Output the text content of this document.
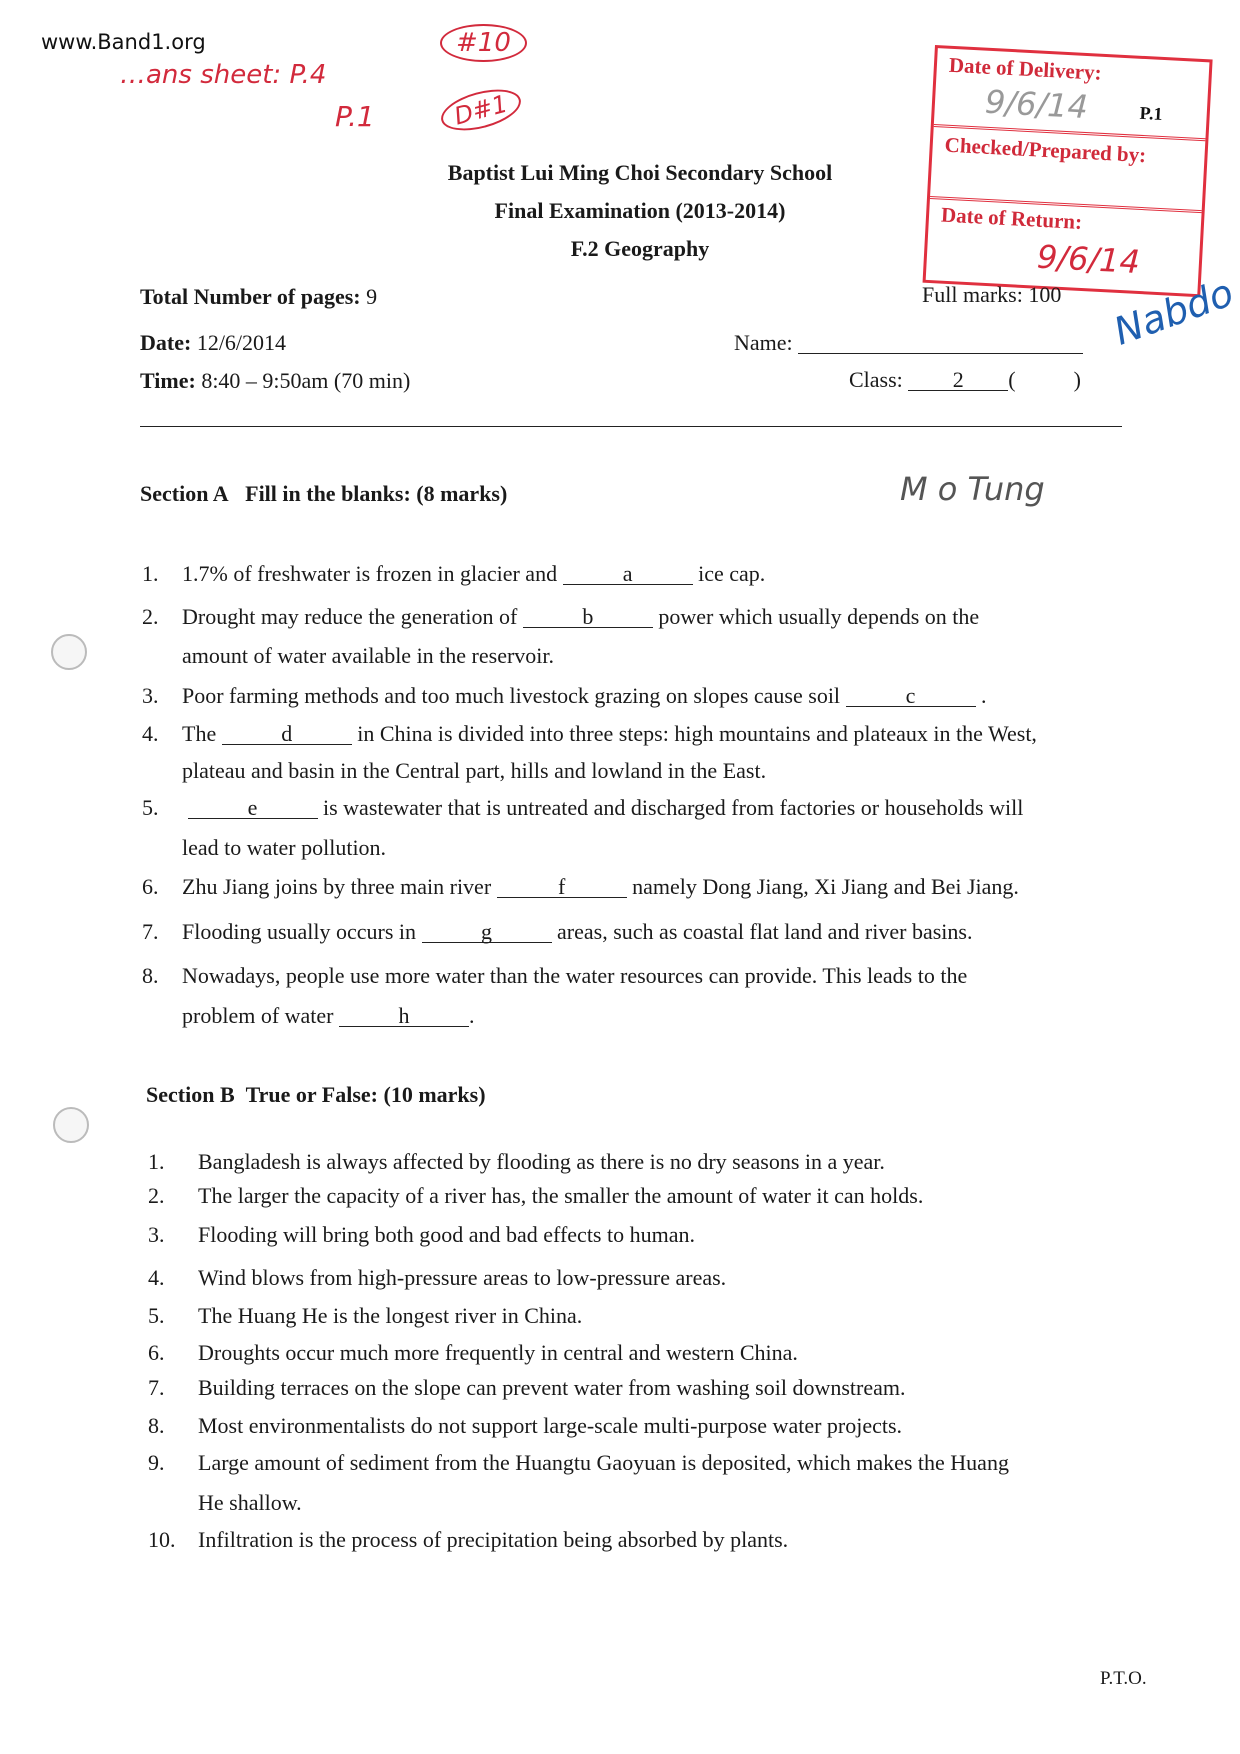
www.Band1.org
…ans sheet: P.4
#10
P.1	D#1
Date of Delivery:
9/6/14	P.1
Checked/Prepared by:
Date of Return:
9/6/14
Nabdo
Baptist Lui Ming Choi Secondary School
Final Examination (2013-2014)
F.2 Geography
Total Number of pages: 9	Full marks: 100
Date: 12/6/2014
Time: 8:40 – 9:50am (70 min)
Name:
Class: 2 (	)
Section A Fill in the blanks: (8 marks)	M o Tung
1. 1.7% of freshwater is frozen in glacier and	a	ice cap.
2. Drought may reduce the generation of	b	power which usually depends on the
amount of water available in the reservoir.
3. Poor farming methods and too much livestock grazing on slopes cause soil	c	.
4. The	d	in China is divided into three steps: high mountains and plateaux in the West,
plateau and basin in the Central part, hills and lowland in the East.
5.	e	is wastewater that is untreated and discharged from factories or households will
lead to water pollution.
6. Zhu Jiang joins by three main river	f	namely Dong Jiang, Xi Jiang and Bei Jiang.
7. Flooding usually occurs in	g	areas, such as coastal flat land and river basins.
8. Nowadays, people use more water than the water resources can provide. This leads to the
problem of water	h	.
1. Bangladesh is always affected by flooding as there is no dry seasons in a year.
2. The larger the capacity of a river has, the smaller the amount of water it can holds.
3. Flooding will bring both good and bad effects to human.
4. Wind blows from high-pressure areas to low-pressure areas.
5. The Huang He is the longest river in China.
6. Droughts occur much more frequently in central and western China.
7. Building terraces on the slope can prevent water from washing soil downstream.
8. Most environmentalists do not support large-scale multi-purpose water projects.
9. Large amount of sediment from the Huangtu Gaoyuan is deposited, which makes the Huang
He shallow.
10. Infiltration is the process of precipitation being absorbed by plants.
Section B True or False: (10 marks)
P.T.O.
